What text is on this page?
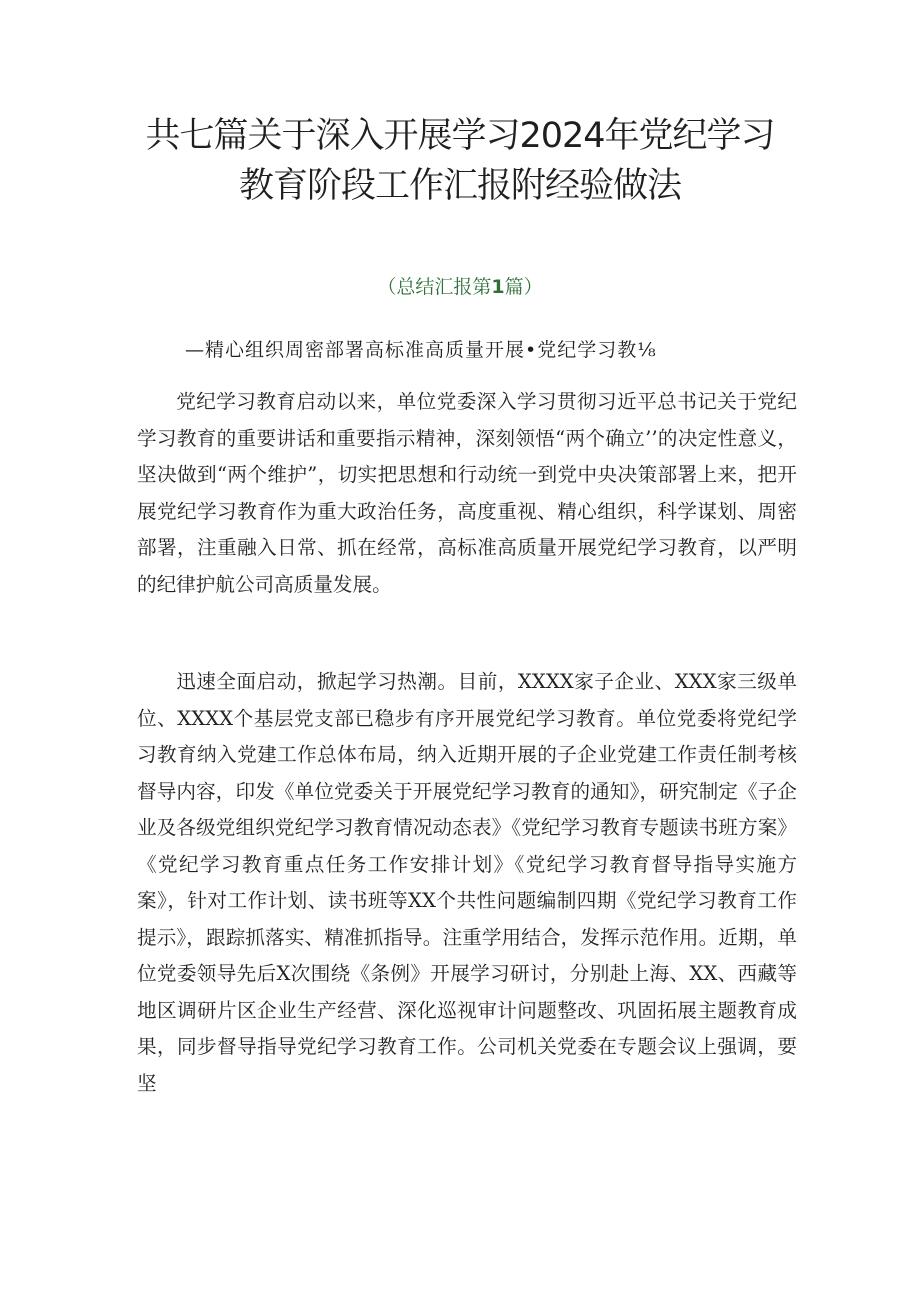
共七篇关于深入开展学习2024年党纪学习
教育阶段工作汇报附经验做法
（总结汇报第1篇）
—精心组织周密部署高标准高质量开展•党纪学习教⅛

党纪学习教育启动以来，单位党委深入学习贯彻习近平总书记关于党纪学习教育的重要讲话和重要指示精神，深刻领悟“两个确立’’的决定性意义，坚决做到“两个维护”，切实把思想和行动统一到党中央决策部署上来，把开展党纪学习教育作为重大政治任务，高度重视、精心组织，科学谋划、周密部署，注重融入日常、抓在经常，高标准高质量开展党纪学习教育，以严明的纪律护航公司高质量发展。

迅速全面启动，掀起学习热潮。目前，XXXX家子企业、XXX家三级单位、XXXX个基层党支部已稳步有序开展党纪学习教育。单位党委将党纪学习教育纳入党建工作总体布局，纳入近期开展的子企业党建工作责任制考核督导内容，印发《单位党委关于开展党纪学习教育的通知》，研究制定《子企业及各级党组织党纪学习教育情况动态表》《党纪学习教育专题读书班方案》《党纪学习教育重点任务工作安排计划》《党纪学习教育督导指导实施方案》，针对工作计划、读书班等XX个共性问题编制四期《党纪学习教育工作提示》，跟踪抓落实、精准抓指导。注重学用结合，发挥示范作用。近期，单位党委领导先后X次围绕《条例》开展学习研讨，分别赴上海、XX、西藏等地区调研片区企业生产经营、深化巡视审计问题整改、巩固拓展主题教育成果，同步督导指导党纪学习教育工作。公司机关党委在专题会议上强调，要坚
